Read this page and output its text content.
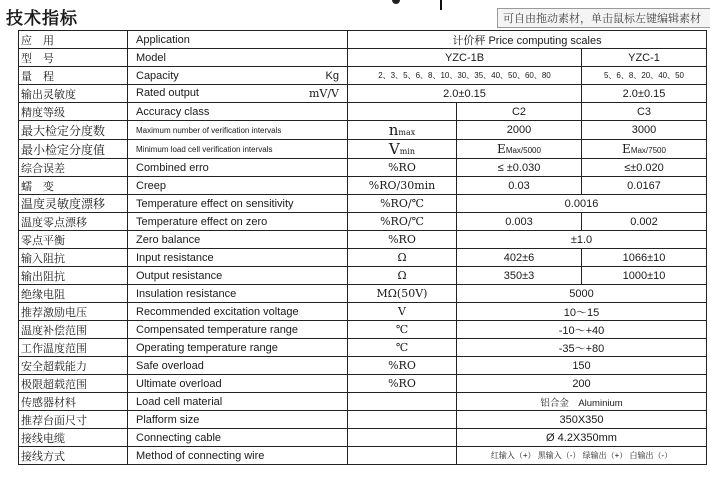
技术指标	可自由拖动素材，单击鼠标左键编辑素材
应　用	Application	计价秤 Price computing scales		
型　号	Model	YZC-1B		YZC-1
量　程	Capacity Kg	2、3、5、6、8、10、30、35、40、50、60、80		5、6、8、20、40、50
输出灵敏度	Rated output mV/V	2.0±0.15		2.0±0.15
精度等级	Accuracy class		C2	C3
最大检定分度数	Maximum number of verification intervals	nmax	2000	3000
最小检定分度值	Minimum load cell verification intervals	Vmin	EMax/5000	EMax/7500
综合误差	Combined erro	%RO	≤ ±0.030	≤±0.020
蠕　变	Creep	%RO/30min	0.03	0.0167
温度灵敏度漂移	Temperature effect on sensitivity	%RO/℃	0.0016	
温度零点漂移	Temperature effect on zero	%RO/℃	0.003	0.002
零点平衡	Zero balance	%RO	±1.0	
输入阻抗	Input resistance	Ω	402±6	1066±10
输出阻抗	Output resistance	Ω	350±3	1000±10
绝缘电阻	Insulation resistance	MΩ(50V)	5000	
推荐激励电压	Recommended excitation voltage	V	10～15	
温度补偿范围	Compensated temperature range	℃	-10～+40	
工作温度范围	Operating temperature range	℃	-35～+80	
安全超载能力	Safe overload	%RO	150	
极限超载范围	Ultimate overload	%RO	200	
传感器材料	Load cell material		铝合金　Aluminium	
推荐台面尺寸	Plafform size		350X350	
接线电缆	Connecting cable		Ø 4.2X350mm	
接线方式	Method of connecting wire		红输入（+） 黑输入（-） 绿输出（+） 白输出（-）	
